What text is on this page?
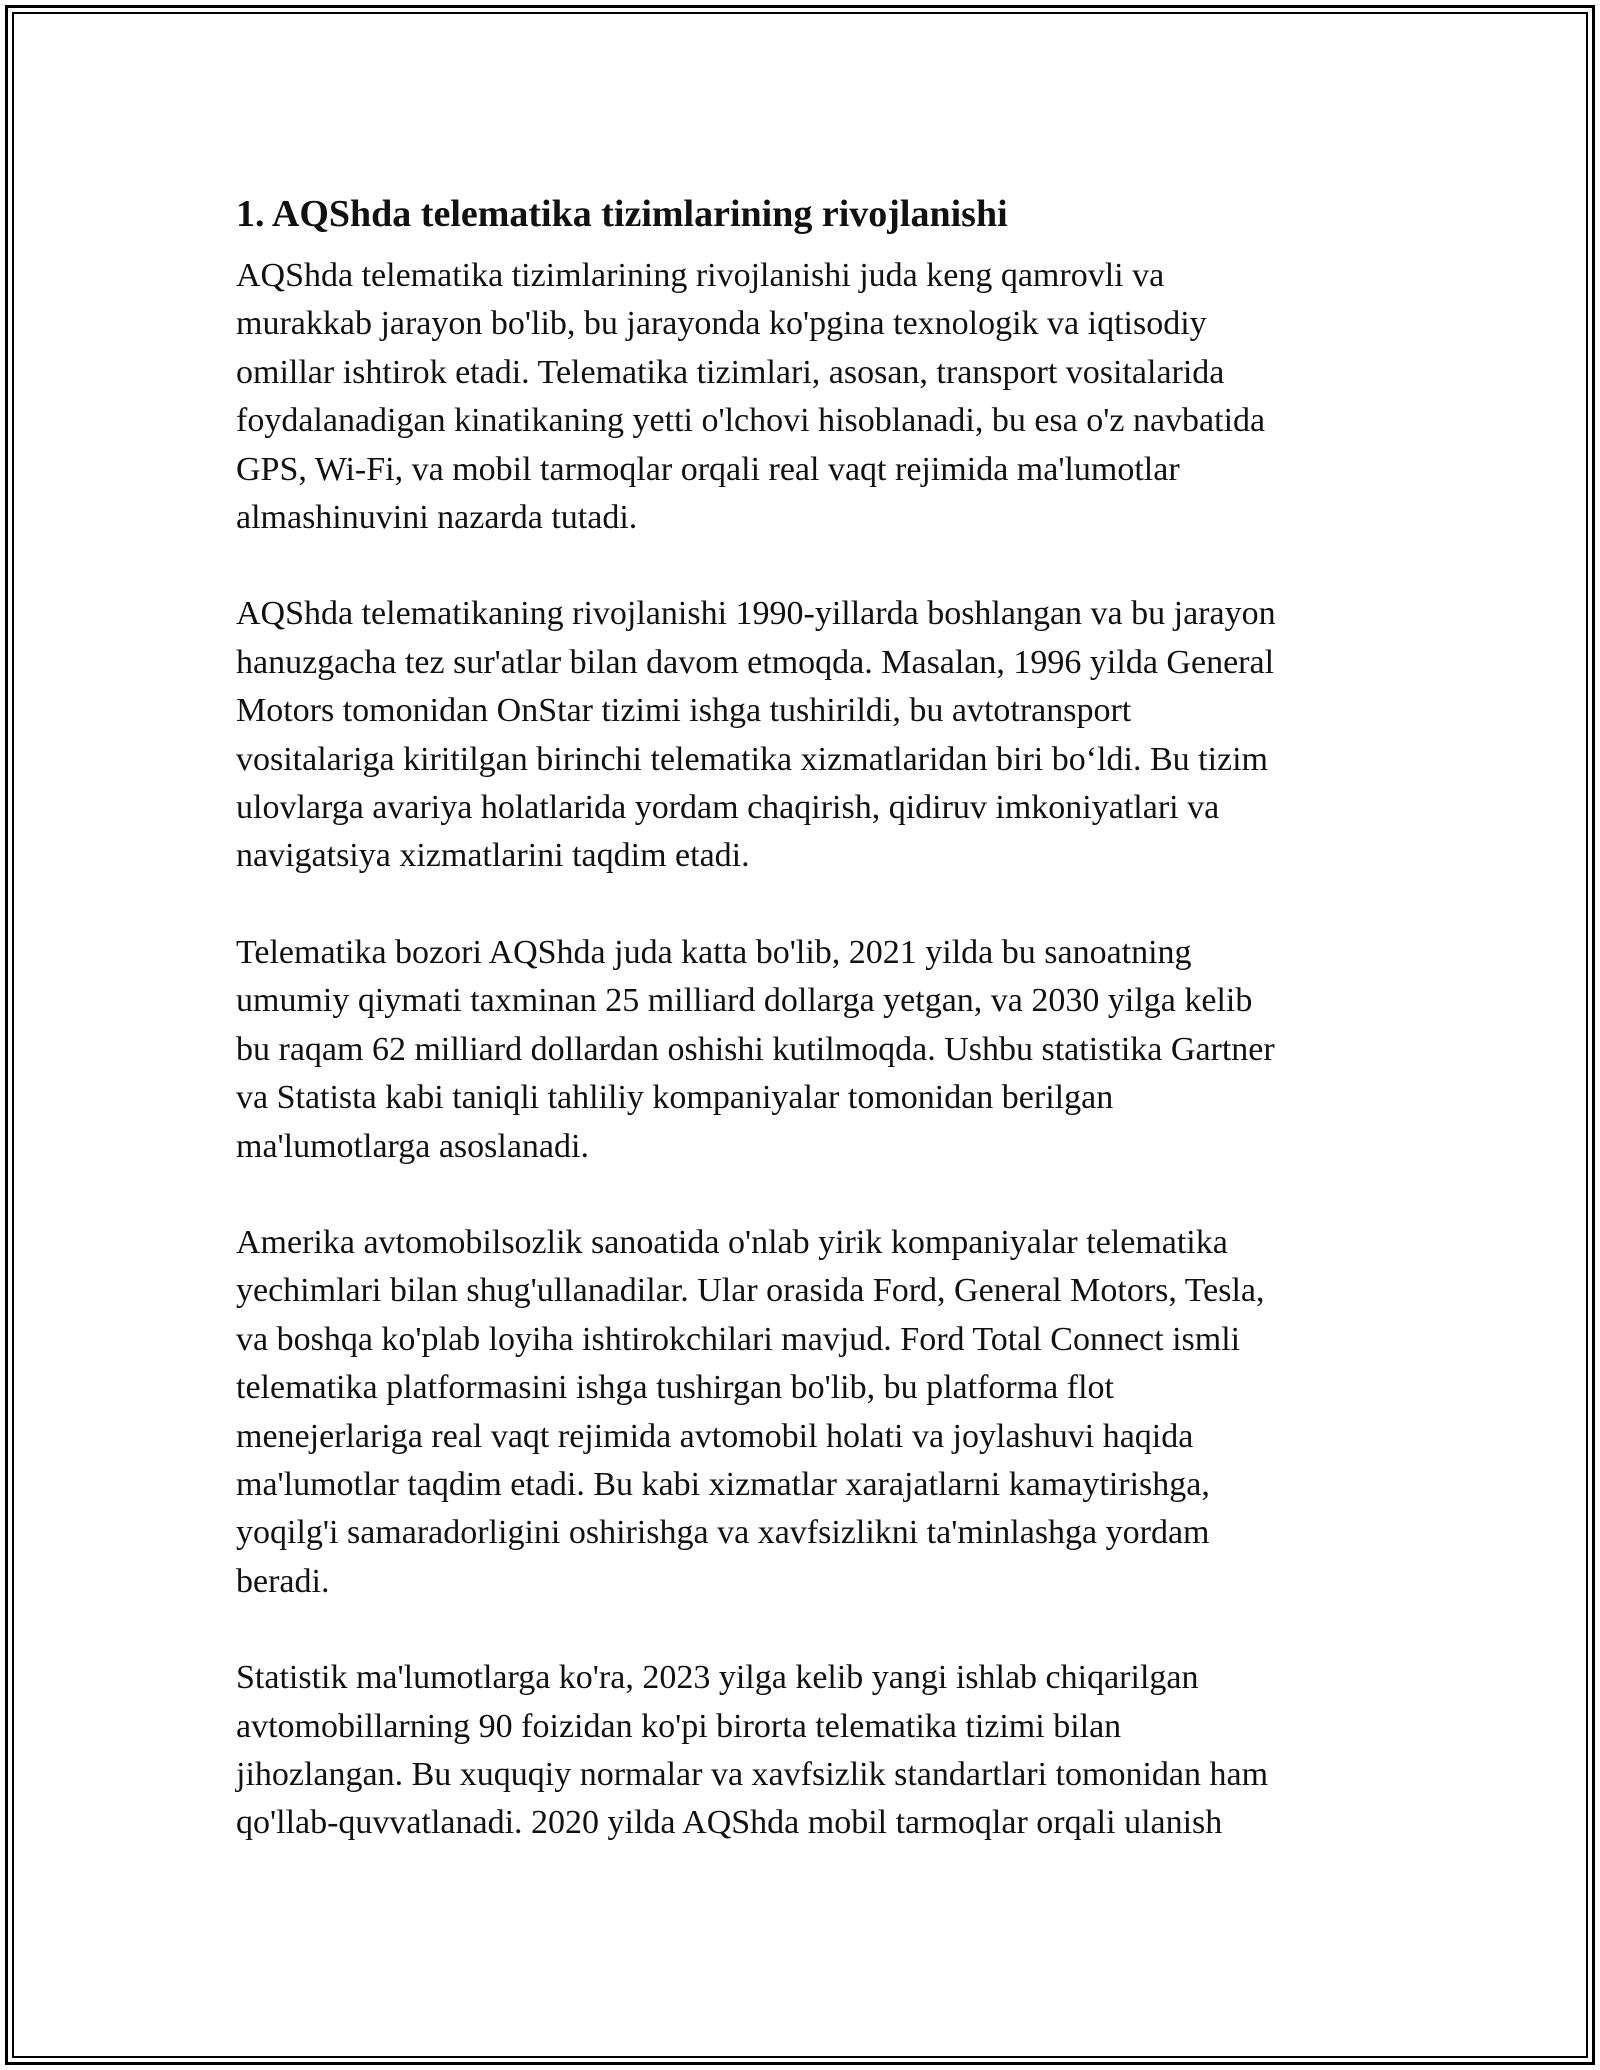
1. AQShda telematika tizimlarining rivojlanishi
AQShda telematika tizimlarining rivojlanishi juda keng qamrovli va
murakkab jarayon bo'lib, bu jarayonda ko'pgina texnologik va iqtisodiy
omillar ishtirok etadi. Telematika tizimlari, asosan, transport vositalarida
foydalanadigan kinatikaning yetti o'lchovi hisoblanadi, bu esa o'z navbatida
GPS, Wi-Fi, va mobil tarmoqlar orqali real vaqt rejimida ma'lumotlar
almashinuvini nazarda tutadi.
AQShda telematikaning rivojlanishi 1990-yillarda boshlangan va bu jarayon
hanuzgacha tez sur'atlar bilan davom etmoqda. Masalan, 1996 yilda General
Motors tomonidan OnStar tizimi ishga tushirildi, bu avtotransport
vositalariga kiritilgan birinchi telematika xizmatlaridan biri bo‘ldi. Bu tizim
ulovlarga avariya holatlarida yordam chaqirish, qidiruv imkoniyatlari va
navigatsiya xizmatlarini taqdim etadi.
Telematika bozori AQShda juda katta bo'lib, 2021 yilda bu sanoatning
umumiy qiymati taxminan 25 milliard dollarga yetgan, va 2030 yilga kelib
bu raqam 62 milliard dollardan oshishi kutilmoqda. Ushbu statistika Gartner
va Statista kabi taniqli tahliliy kompaniyalar tomonidan berilgan
ma'lumotlarga asoslanadi.
Amerika avtomobilsozlik sanoatida o'nlab yirik kompaniyalar telematika
yechimlari bilan shug'ullanadilar. Ular orasida Ford, General Motors, Tesla,
va boshqa ko'plab loyiha ishtirokchilari mavjud. Ford Total Connect ismli
telematika platformasini ishga tushirgan bo'lib, bu platforma flot
menejerlariga real vaqt rejimida avtomobil holati va joylashuvi haqida
ma'lumotlar taqdim etadi. Bu kabi xizmatlar xarajatlarni kamaytirishga,
yoqilg'i samaradorligini oshirishga va xavfsizlikni ta'minlashga yordam
beradi.
Statistik ma'lumotlarga ko'ra, 2023 yilga kelib yangi ishlab chiqarilgan
avtomobillarning 90 foizidan ko'pi birorta telematika tizimi bilan
jihozlangan. Bu xuquqiy normalar va xavfsizlik standartlari tomonidan ham
qo'llab-quvvatlanadi. 2020 yilda AQShda mobil tarmoqlar orqali ulanish
